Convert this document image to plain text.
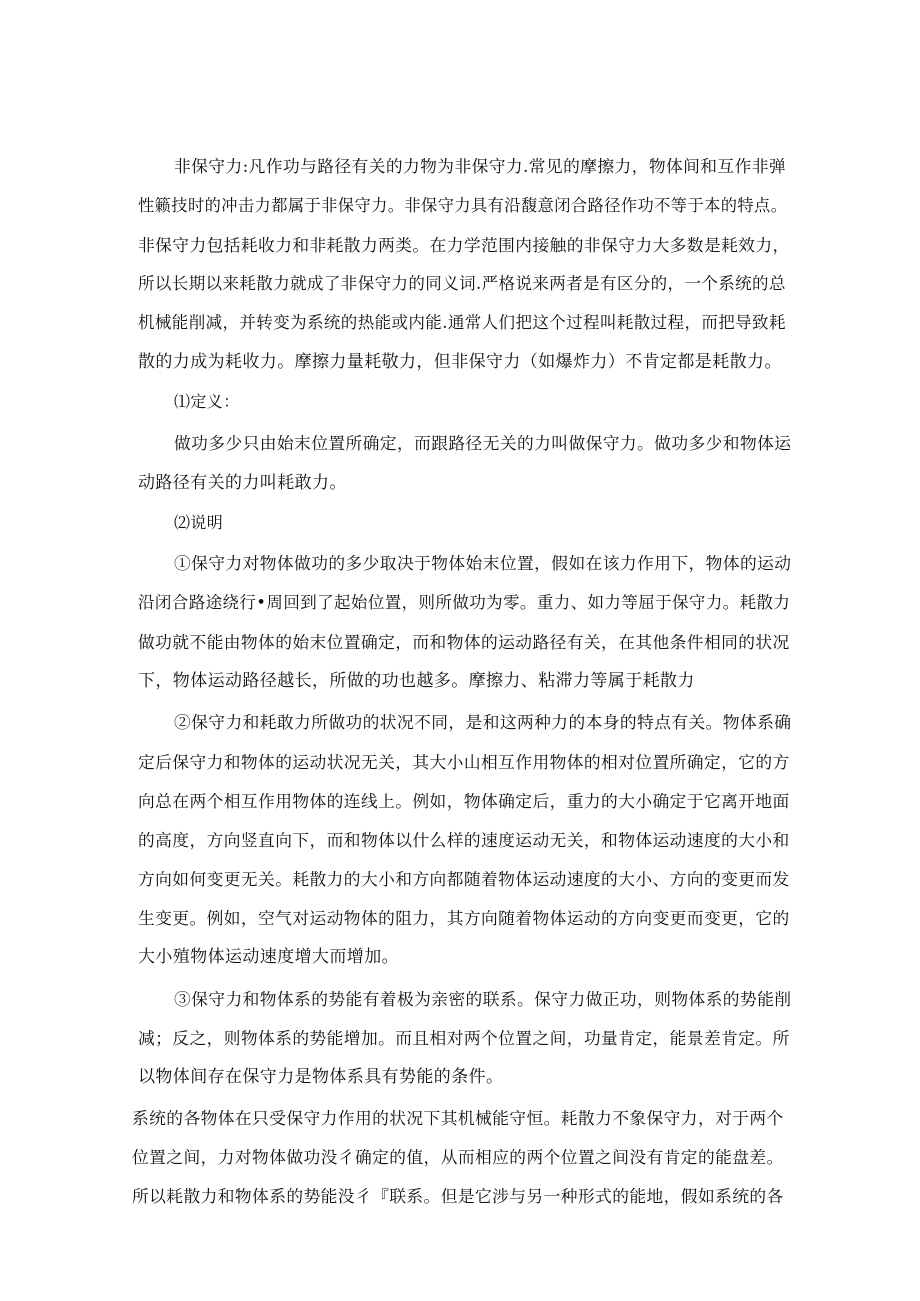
非保守力:凡作功与路径有关的力物为非保守力.常见的摩擦力，物体间和互作非弹
性籁技时的冲击力都属于非保守力。非保守力具有沿馥意闭合路径作功不等于本的特点。
非保守力包括耗收力和非耗散力两类。在力学范围内接触的非保守力大多数是耗效力，
所以长期以来耗散力就成了非保守力的同义词.严格说来两者是有区分的，一个系统的总
机械能削减，并转变为系统的热能或内能.通常人们把这个过程叫耗散过程，而把导致耗
散的力成为耗收力。摩擦力量耗敬力，但非保守力（如爆炸力）不肯定都是耗散力。
⑴定义：
做功多少只由始末位置所确定，而跟路径无关的力叫做保守力。做功多少和物体运
动路径有关的力叫耗敢力。
⑵说明
①保守力对物体做功的多少取决于物体始末位置，假如在该力作用下，物体的运动
沿闭合路途绕行•周回到了起始位置，则所做功为零。重力、如力等屈于保守力。耗散力
做功就不能由物体的始末位置确定，而和物体的运动路径有关，在其他条件相同的状况
下，物体运动路径越长，所做的功也越多。摩擦力、粘滞力等属于耗散力
②保守力和耗敢力所做功的状况不同，是和这两种力的本身的特点有关。物体系确
定后保守力和物体的运动状况无关，其大小山相互作用物体的相对位置所确定，它的方
向总在两个相互作用物体的连线上。例如，物体确定后，重力的大小确定于它离开地面
的高度，方向竖直向下，而和物体以什么样的速度运动无关，和物体运动速度的大小和
方向如何变更无关。耗散力的大小和方向都随着物体运动速度的大小、方向的变更而发
生变更。例如，空气对运动物体的阻力，其方向随着物体运动的方向变更而变更，它的
大小殖物体运动速度增大而增加。
③保守力和物体系的势能有着极为亲密的联系。保守力做正功，则物体系的势能削
减；反之，则物体系的势能增加。而且相对两个位置之间，功量肯定，能景差肯定。所
以物体间存在保守力是物体系具有势能的条件。
系统的各物体在只受保守力作用的状况下其机械能守恒。耗散力不象保守力，对于两个
位置之间，力对物体做功没彳确定的值，从而相应的两个位置之间没有肯定的能盘差。
所以耗散力和物体系的势能没彳『联系。但是它涉与另一种形式的能地，假如系统的各
